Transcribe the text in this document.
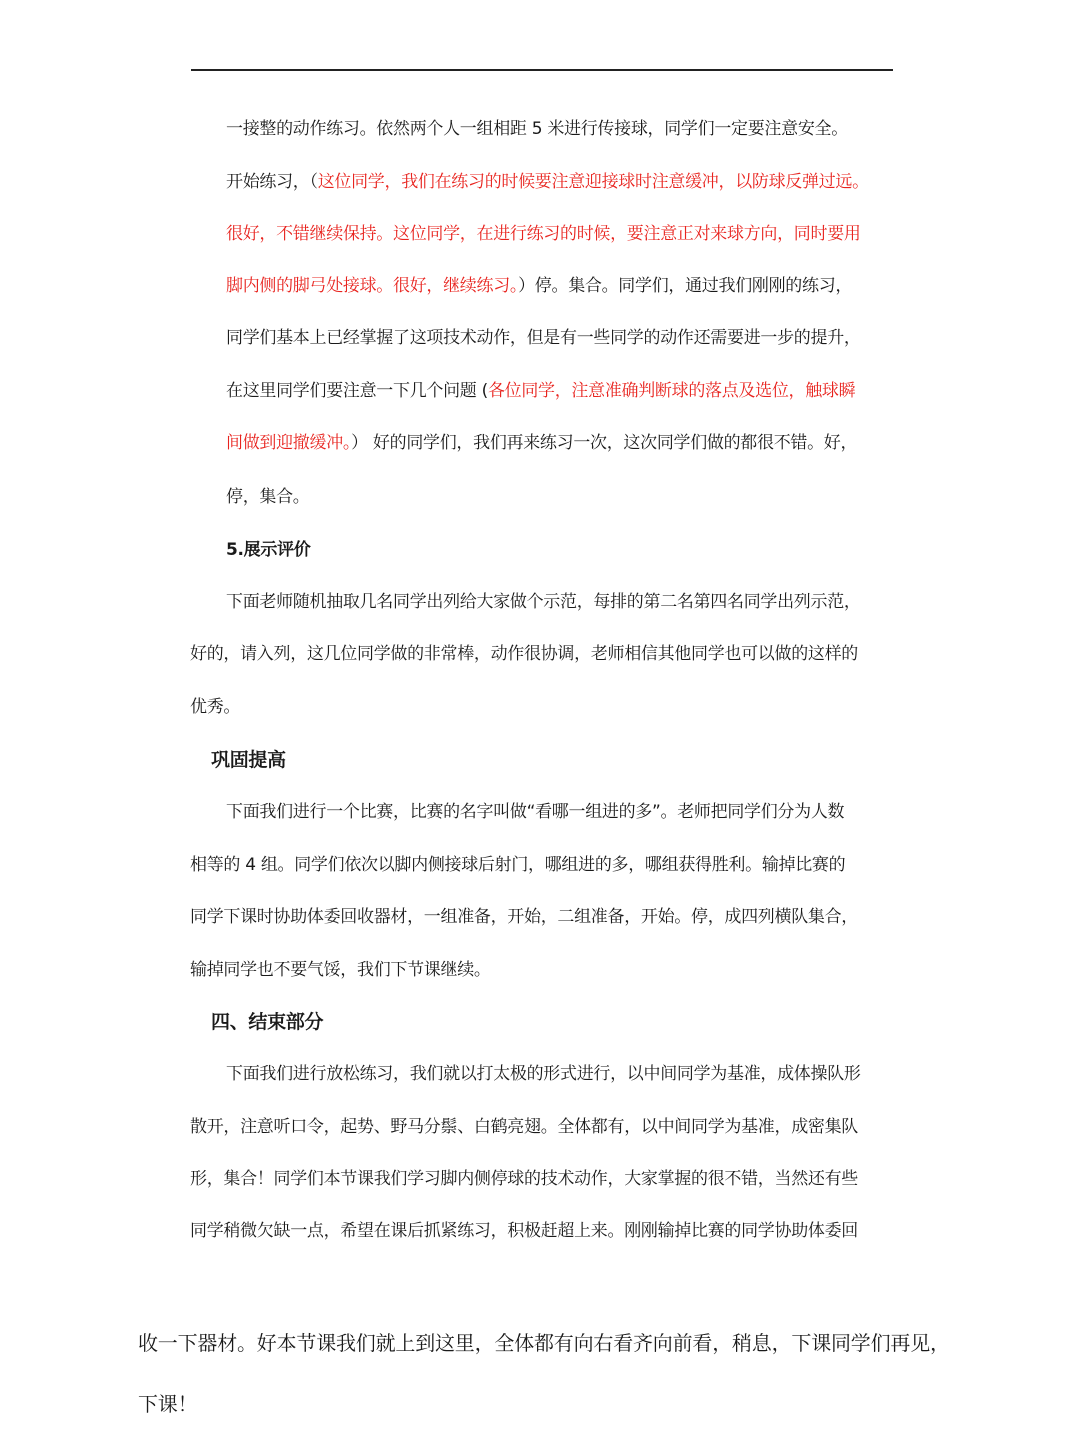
一接整的动作练习。依然两个人一组相距 5 米进行传接球，同学们一定要注意安全。
开始练习，（这位同学，我们在练习的时候要注意迎接球时注意缓冲，以防球反弹过远。
很好，不错继续保持。这位同学，在进行练习的时候，要注意正对来球方向，同时要用
脚内侧的脚弓处接球。很好，继续练习。）停。集合。同学们，通过我们刚刚的练习，
同学们基本上已经掌握了这项技术动作，但是有一些同学的动作还需要进一步的提升，
在这里同学们要注意一下几个问题 (各位同学，注意准确判断球的落点及选位，触球瞬
间做到迎撤缓冲。） 好的同学们，我们再来练习一次，这次同学们做的都很不错。好，
停，集合。
5.展示评价
下面老师随机抽取几名同学出列给大家做个示范，每排的第二名第四名同学出列示范，
好的，请入列，这几位同学做的非常棒，动作很协调，老师相信其他同学也可以做的这样的
优秀。
巩固提高
下面我们进行一个比赛，比赛的名字叫做“看哪一组进的多”。老师把同学们分为人数
相等的 4 组。同学们依次以脚内侧接球后射门，哪组进的多，哪组获得胜利。输掉比赛的
同学下课时协助体委回收器材，一组准备，开始，二组准备，开始。停，成四列横队集合，
输掉同学也不要气馁，我们下节课继续。
四、结束部分
下面我们进行放松练习，我们就以打太极的形式进行，以中间同学为基准，成体操队形
散开，注意听口令，起势、野马分鬃、白鹤亮翅。全体都有，以中间同学为基准，成密集队
形，集合！同学们本节课我们学习脚内侧停球的技术动作，大家掌握的很不错，当然还有些
同学稍微欠缺一点，希望在课后抓紧练习，积极赶超上来。刚刚输掉比赛的同学协助体委回
收一下器材。好本节课我们就上到这里，全体都有向右看齐向前看，稍息，下课同学们再见，
下课！
